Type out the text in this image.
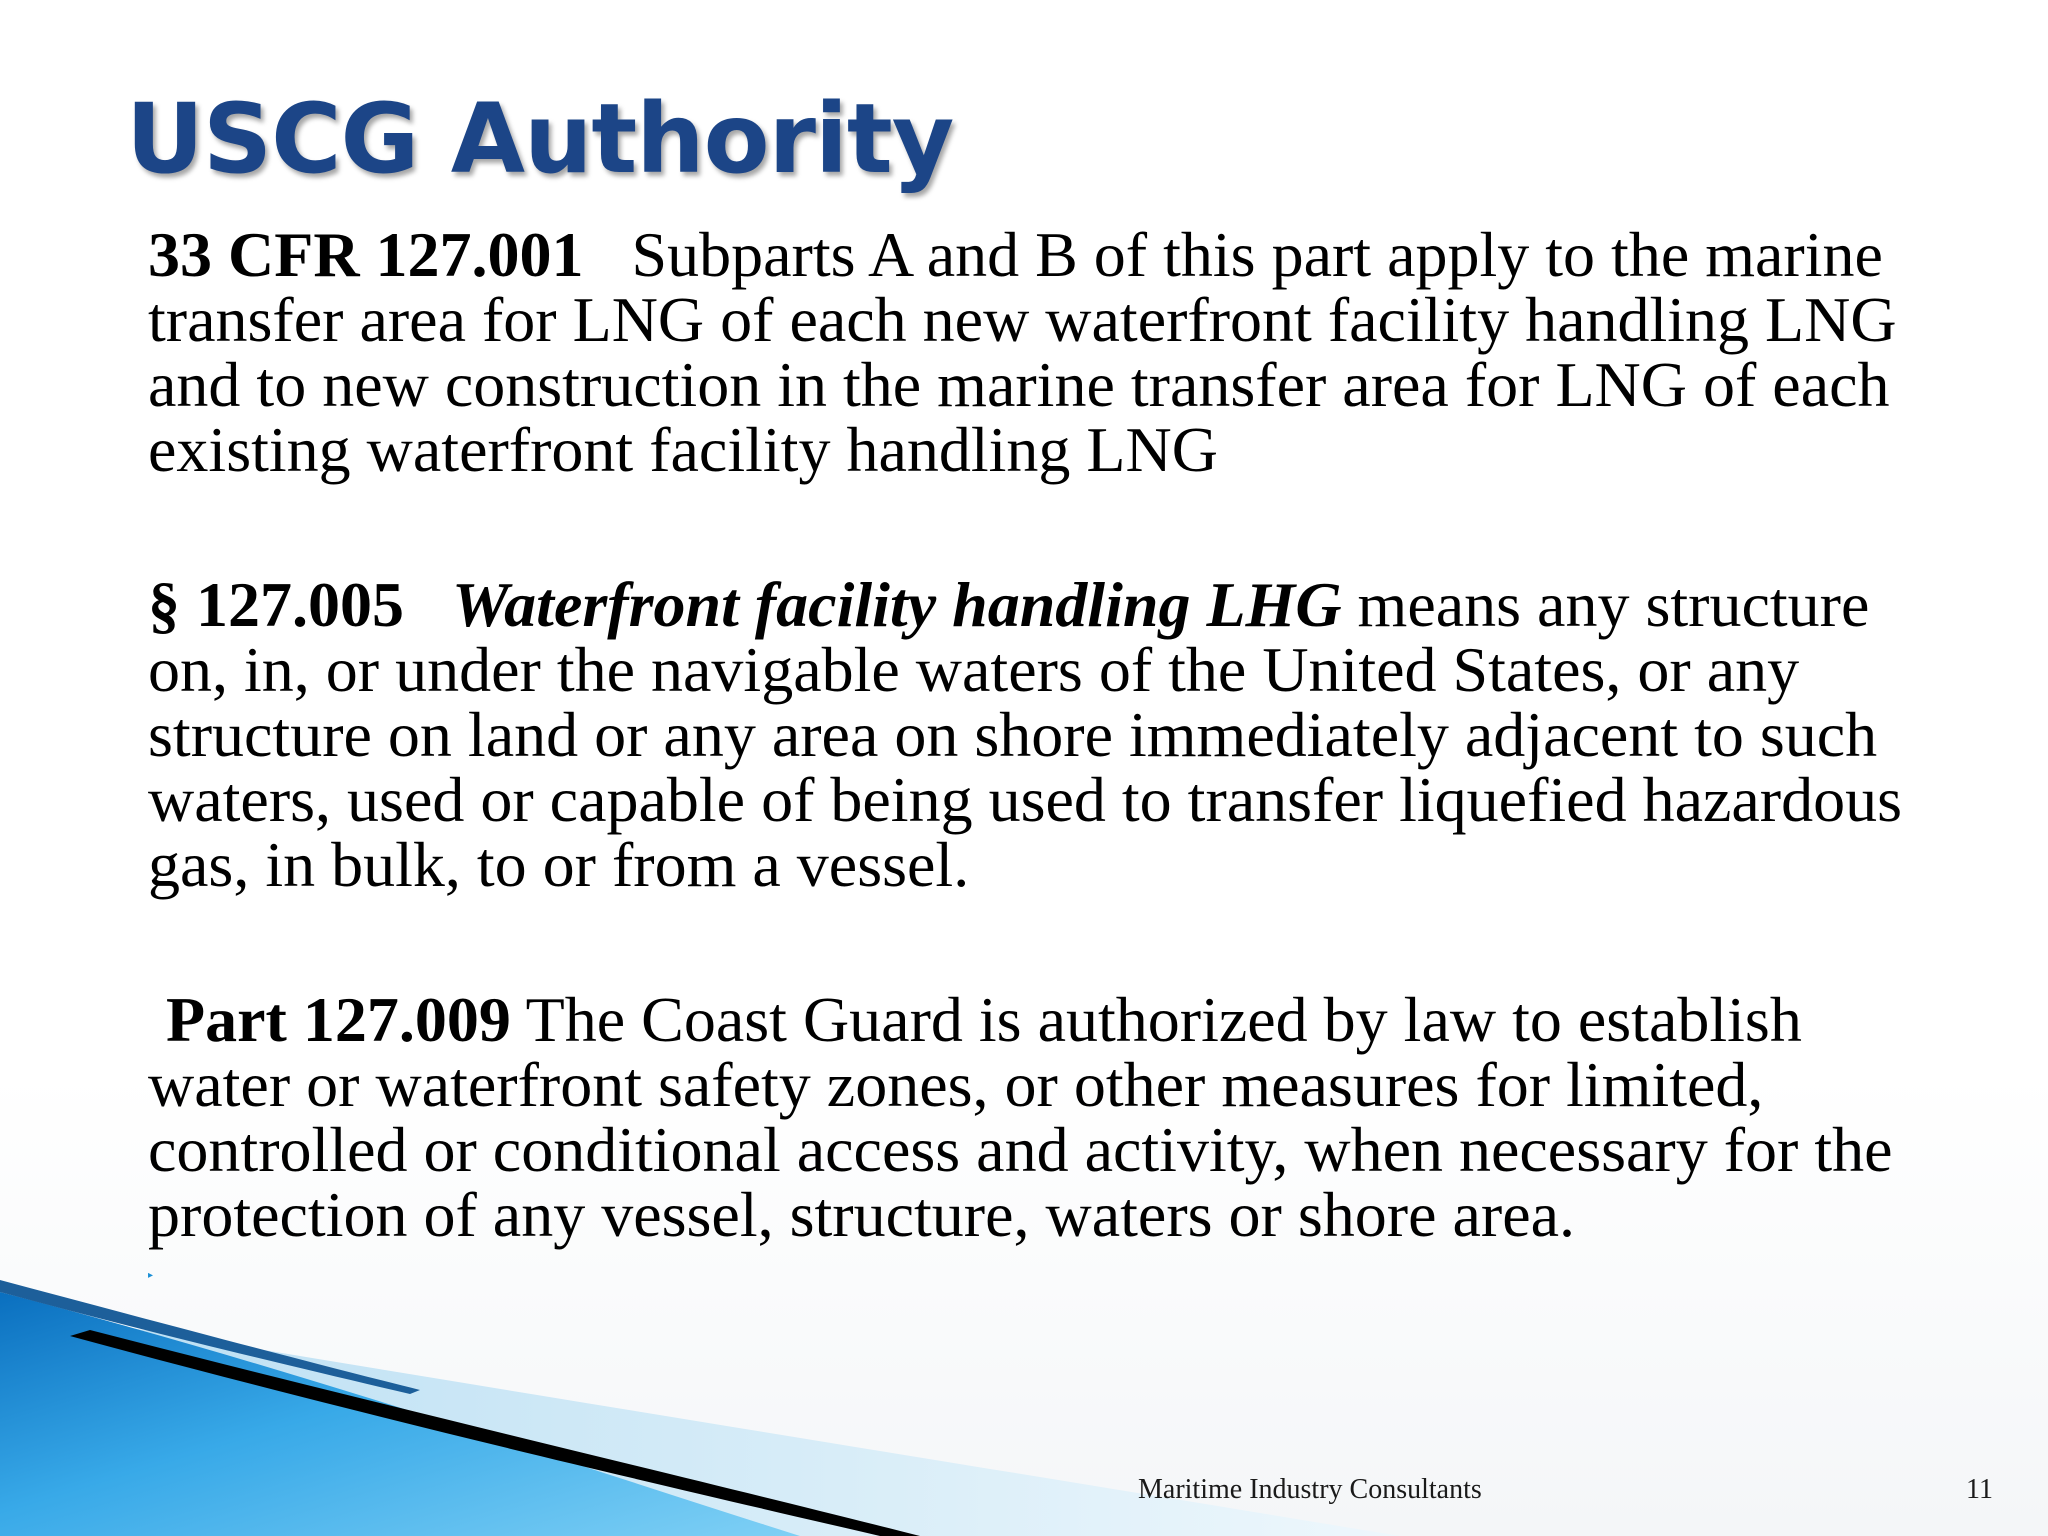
USCG Authority

33 CFR 127.001 Subparts A and B of this part apply to the marine transfer area for LNG of each new waterfront facility handling LNG and to new construction in the marine transfer area for LNG of each existing waterfront facility handling LNG

§ 127.005 Waterfront facility handling LHG means any structure on, in, or under the navigable waters of the United States, or any structure on land or any area on shore immediately adjacent to such waters, used or capable of being used to transfer liquefied hazardous gas, in bulk, to or from a vessel.

Part 127.009 The Coast Guard is authorized by law to establish water or waterfront safety zones, or other measures for limited, controlled or conditional access and activity, when necessary for the protection of any vessel, structure, waters or shore area.

▸
Maritime Industry Consultants	11
